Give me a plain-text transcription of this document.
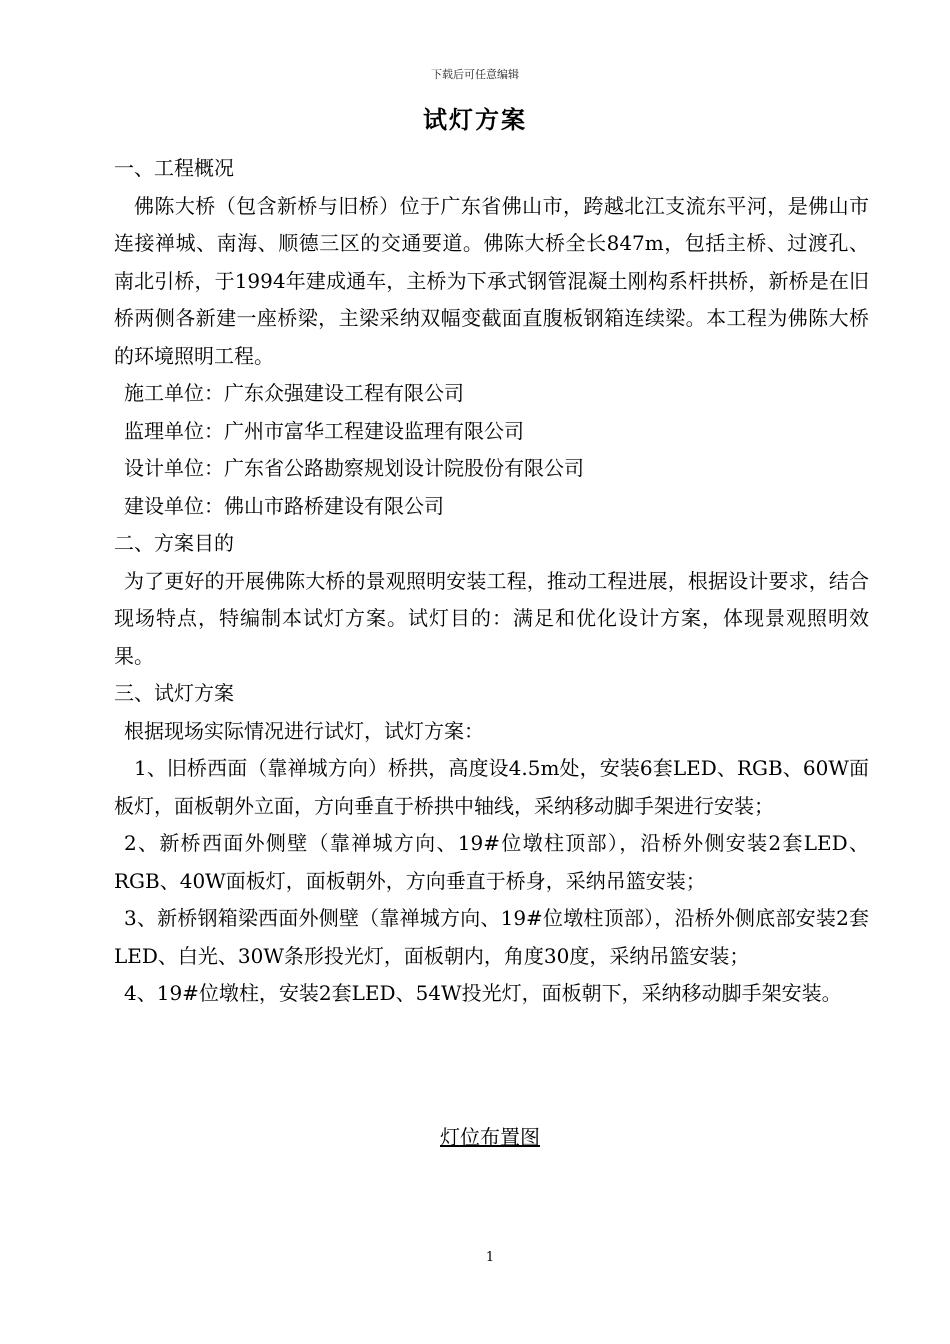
下载后可任意编辑
试灯方案

一、工程概况

佛陈大桥（包含新桥与旧桥）位于广东省佛山市，跨越北江支流东平河，是佛山市连接禅城、南海、顺德三区的交通要道。佛陈大桥全长847m，包括主桥、过渡孔、南北引桥，于1994年建成通车，主桥为下承式钢管混凝土刚构系杆拱桥，新桥是在旧桥两侧各新建一座桥梁，主梁采纳双幅变截面直腹板钢箱连续梁。本工程为佛陈大桥的环境照明工程。

施工单位：广东众强建设工程有限公司

监理单位：广州市富华工程建设监理有限公司

设计单位：广东省公路勘察规划设计院股份有限公司

建设单位：佛山市路桥建设有限公司

二、方案目的

为了更好的开展佛陈大桥的景观照明安装工程，推动工程进展，根据设计要求，结合现场特点，特编制本试灯方案。试灯目的：满足和优化设计方案，体现景观照明效果。

三、试灯方案

根据现场实际情况进行试灯，试灯方案：

1、旧桥西面（靠禅城方向）桥拱，高度设4.5m处，安装6套LED、RGB、60W面板灯，面板朝外立面，方向垂直于桥拱中轴线，采纳移动脚手架进行安装；

2、新桥西面外侧壁（靠禅城方向、19#位墩柱顶部），沿桥外侧安装2套LED、RGB、40W面板灯，面板朝外，方向垂直于桥身，采纳吊篮安装；

3、新桥钢箱梁西面外侧壁（靠禅城方向、19#位墩柱顶部），沿桥外侧底部安装2套LED、白光、30W条形投光灯，面板朝内，角度30度，采纳吊篮安装；

4、19#位墩柱，安装2套LED、54W投光灯，面板朝下，采纳移动脚手架安装。

灯位布置图
1
